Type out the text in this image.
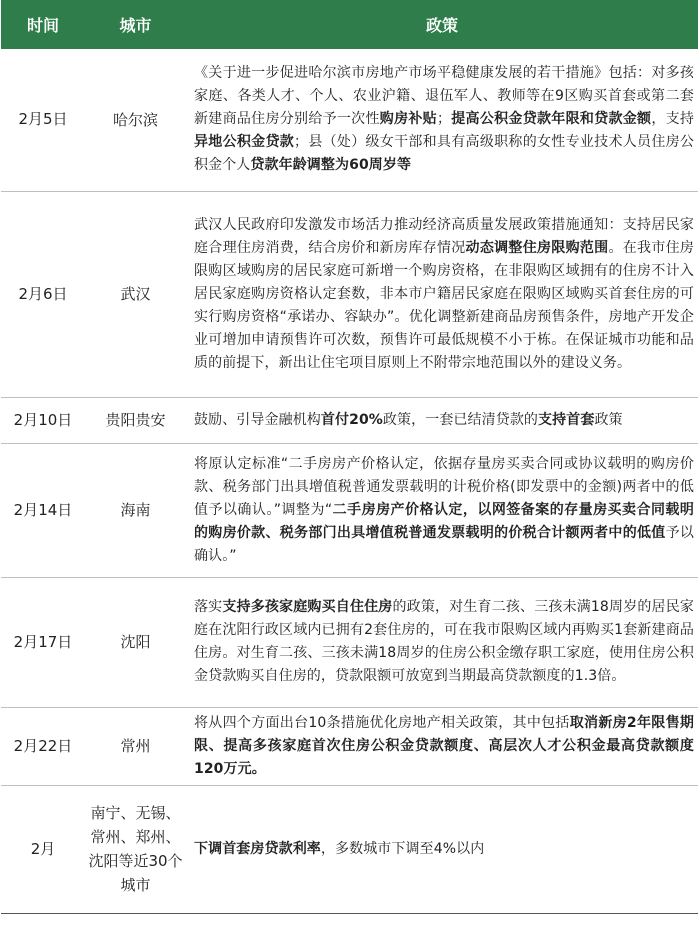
时间	城市	政策
2月5日	哈尔滨	《关于进一步促进哈尔滨市房地产市场平稳健康发展的若干措施》包括：对多孩家庭、各类人才、个人、农业沪籍、退伍军人、教师等在9区购买首套或第二套新建商品住房分别给予一次性购房补贴；提高公积金贷款年限和贷款金额，支持异地公积金贷款；县（处）级女干部和具有高级职称的女性专业技术人员住房公积金个人贷款年龄调整为60周岁等
2月6日	武汉	武汉人民政府印发激发市场活力推动经济高质量发展政策措施通知：支持居民家庭合理住房消费，结合房价和新房库存情况动态调整住房限购范围。在我市住房限购区域购房的居民家庭可新增一个购房资格，在非限购区域拥有的住房不计入居民家庭购房资格认定套数，非本市户籍居民家庭在限购区域购买首套住房的可实行购房资格“承诺办、容缺办”。优化调整新建商品房预售条件，房地产开发企业可增加申请预售许可次数，预售许可最低规模不小于栋。在保证城市功能和品质的前提下，新出让住宅项目原则上不附带宗地范围以外的建设义务。
2月10日	贵阳贵安	鼓励、引导金融机构首付20%政策，一套已结清贷款的支持首套政策
2月14日	海南	将原认定标准“二手房房产价格认定，依据存量房买卖合同或协议载明的购房价款、税务部门出具增值税普通发票载明的计税价格(即发票中的金额)两者中的低值予以确认。”调整为“二手房房产价格认定，以网签备案的存量房买卖合同载明的购房价款、税务部门出具增值税普通发票载明的价税合计额两者中的低值予以确认。”
2月17日	沈阳	落实支持多孩家庭购买自住住房的政策，对生育二孩、三孩未满18周岁的居民家庭在沈阳行政区域内已拥有2套住房的，可在我市限购区域内再购买1套新建商品住房。对生育二孩、三孩未满18周岁的住房公积金缴存职工家庭，使用住房公积金贷款购买自住房的，贷款限额可放宽到当期最高贷款额度的1.3倍。
2月22日	常州	将从四个方面出台10条措施优化房地产相关政策，其中包括取消新房2年限售期限、提高多孩家庭首次住房公积金贷款额度、高层次人才公积金最高贷款额度120万元。
2月	南宁、无锡、常州、郑州、沈阳等近30个城市	下调首套房贷款利率，多数城市下调至4%以内
